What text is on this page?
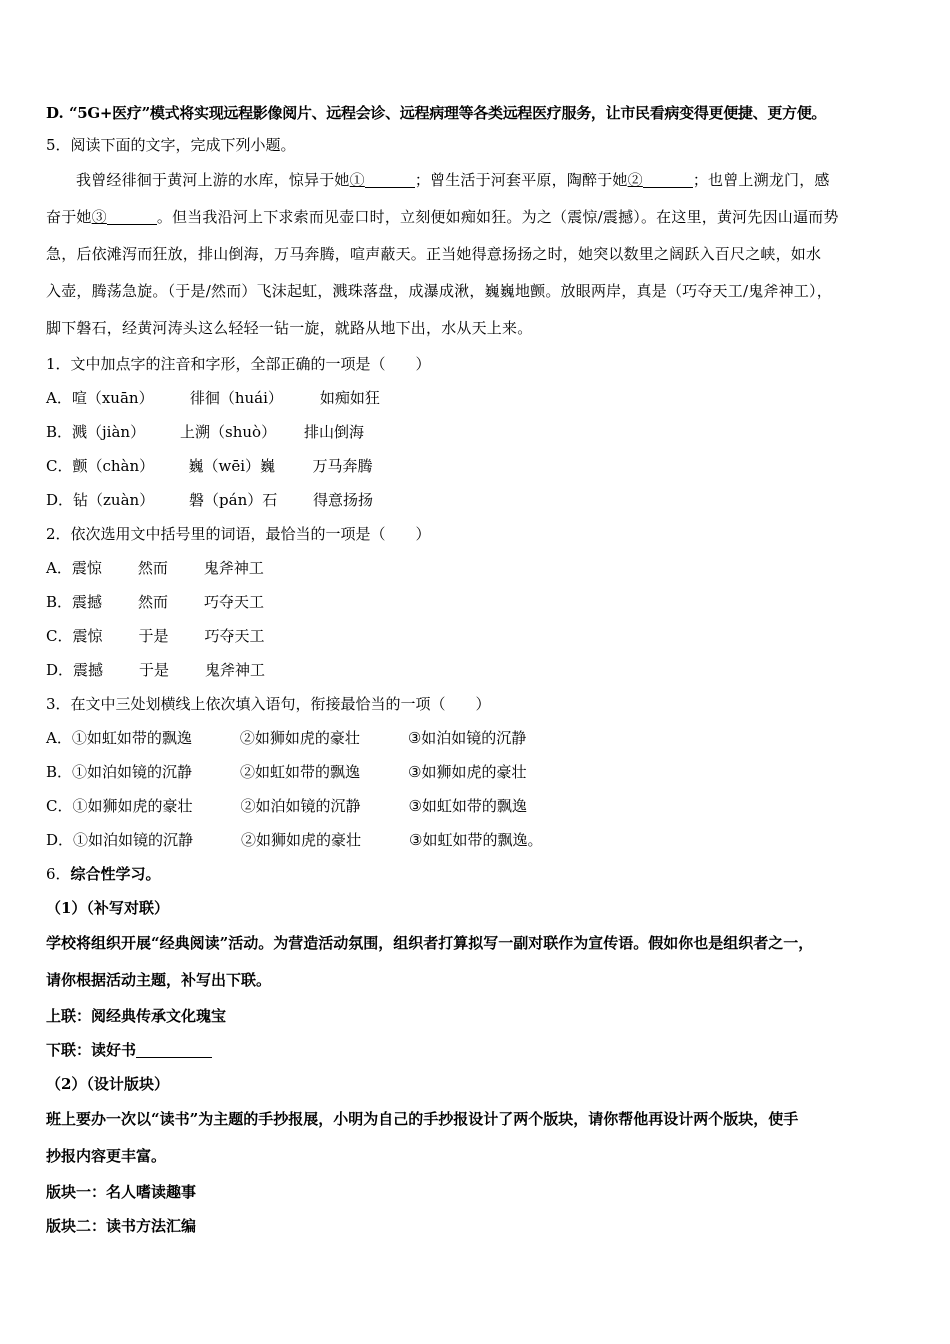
D. “5G+医疗”模式将实现远程影像阅片、远程会诊、远程病理等各类远程医疗服务，让市民看病变得更便捷、更方便。
5．阅读下面的文字，完成下列小题。
我曾经徘徊于黄河上游的水库，惊异于她①	；曾生活于河套平原，陶醉于她②	；也曾上溯龙门，感
奋于她③	。但当我沿河上下求索而见壶口时，立刻便如痴如狂。为之（震惊/震撼）。在这里，黄河先因山逼而势
急，后依滩泻而狂放，排山倒海，万马奔腾，喧声蔽天。正当她得意扬扬之时，她突以数里之阔跃入百尺之峡，如水
入壶，腾荡急旋。（于是/然而）飞沫起虹，溅珠落盘，成瀑成湫，巍巍地颤。放眼两岸，真是（巧夺天工/鬼斧神工），
脚下磐石，经黄河涛头这么轻轻一钻一旋，就路从地下出，水从天上来。
1．文中加点字的注音和字形，全部正确的一项是（　　）
A．喧（xuān） 徘徊（huái） 如痴如狂
B．溅（jiàn） 上溯（shuò） 排山倒海
C．颤（chàn） 巍（wēi）巍 万马奔腾
D．钻（zuàn） 磐（pán）石 得意扬扬
2．依次选用文中括号里的词语，最恰当的一项是（　　）
A．震惊 然而 鬼斧神工
B．震撼 然而 巧夺天工
C．震惊 于是 巧夺天工
D．震撼 于是 鬼斧神工
3．在文中三处划横线上依次填入语句，衔接最恰当的一项（　　）
A．①如虹如带的飘逸	②如狮如虎的豪壮	③如泊如镜的沉静
B．①如泊如镜的沉静	②如虹如带的飘逸	③如狮如虎的豪壮
C．①如狮如虎的豪壮	②如泊如镜的沉静	③如虹如带的飘逸
D．①如泊如镜的沉静	②如狮如虎的豪壮	③如虹如带的飘逸。
6．综合性学习。
（1）（补写对联）
学校将组织开展“经典阅读”活动。为营造活动氛围，组织者打算拟写一副对联作为宣传语。假如你也是组织者之一，
请你根据活动主题，补写出下联。
上联：阅经典传承文化瑰宝
下联：读好书
（2）（设计版块）
班上要办一次以“读书”为主题的手抄报展，小明为自己的手抄报设计了两个版块，请你帮他再设计两个版块，使手
抄报内容更丰富。
版块一：名人嗜读趣事
版块二：读书方法汇编
